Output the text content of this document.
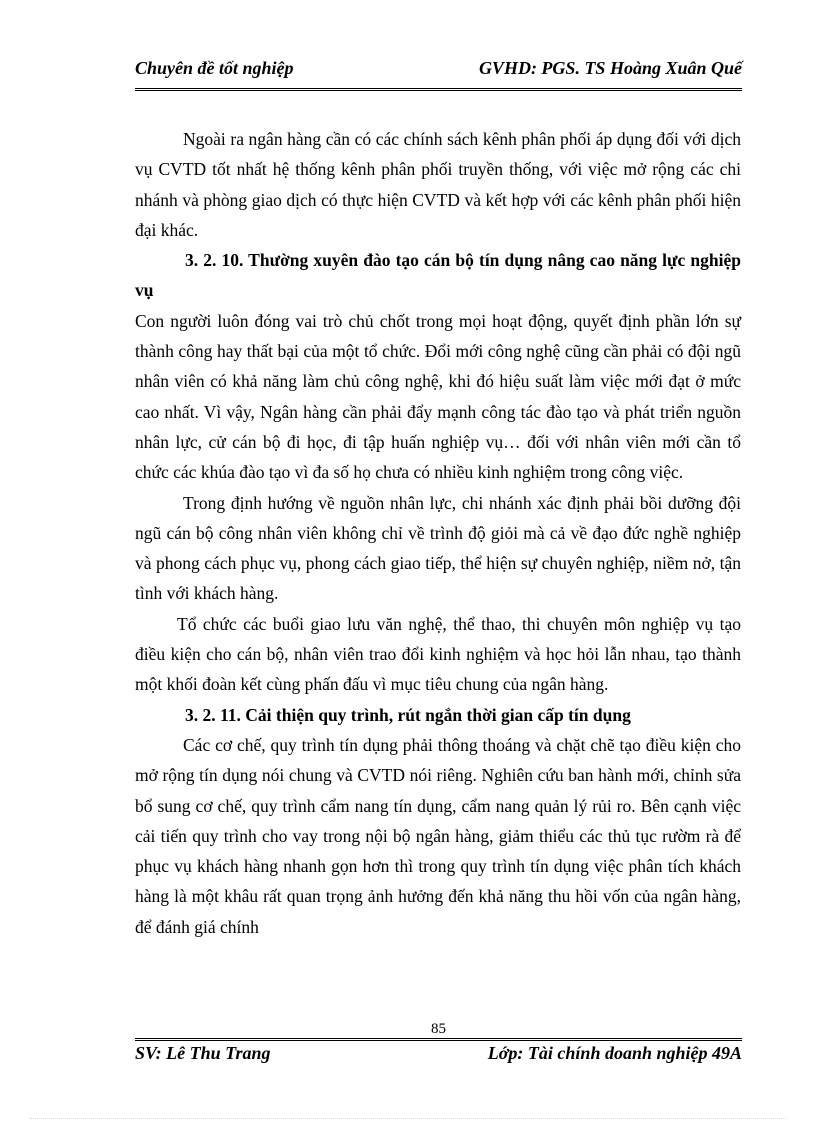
Chuyên đề tốt nghiệp	GVHD: PGS. TS Hoàng Xuân Quế

Ngoài ra ngân hàng cần có các chính sách kênh phân phối áp dụng đối với dịch vụ CVTD tốt nhất hệ thống kênh phân phối truyền thống, với việc mở rộng các chi nhánh và phòng giao dịch có thực hiện CVTD và kết hợp với các kênh phân phối hiện đại khác.

3. 2. 10. Thường xuyên đào tạo cán bộ tín dụng nâng cao năng lực nghiệp vụ

Con người luôn đóng vai trò chủ chốt trong mọi hoạt động, quyết định phần lớn sự thành công hay thất bại của một tổ chức. Đổi mới công nghệ cũng cần phải có đội ngũ nhân viên có khả năng làm chủ công nghệ, khi đó hiệu suất làm việc mới đạt ở mức cao nhất. Vì vậy, Ngân hàng cần phải đẩy mạnh công tác đào tạo và phát triển nguồn nhân lực, cử cán bộ đi học, đi tập huấn nghiệp vụ… đối với nhân viên mới cần tổ chức các khúa đào tạo vì đa số họ chưa có nhiều kinh nghiệm trong công việc.

Trong định hướng về nguồn nhân lực, chi nhánh xác định phải bồi dưỡng đội ngũ cán bộ công nhân viên không chỉ về trình độ giỏi mà cả về đạo đức nghề nghiệp và phong cách phục vụ, phong cách giao tiếp, thể hiện sự chuyên nghiệp, niềm nở, tận tình với khách hàng.

Tổ chức các buổi giao lưu văn nghệ, thể thao, thi chuyên môn nghiệp vụ tạo điều kiện cho cán bộ, nhân viên trao đổi kinh nghiệm và học hỏi lẫn nhau, tạo thành một khối đoàn kết cùng phấn đấu vì mục tiêu chung của ngân hàng.

3. 2. 11. Cải thiện quy trình, rút ngắn thời gian cấp tín dụng

Các cơ chế, quy trình tín dụng phải thông thoáng và chặt chẽ tạo điều kiện cho mở rộng tín dụng nói chung và CVTD nói riêng. Nghiên cứu ban hành mới, chỉnh sửa bổ sung cơ chế, quy trình cẩm nang tín dụng, cẩm nang quản lý rủi ro. Bên cạnh việc cải tiến quy trình cho vay trong nội bộ ngân hàng, giảm thiểu các thủ tục rườm rà để phục vụ khách hàng nhanh gọn hơn thì trong quy trình tín dụng việc phân tích khách hàng là một khâu rất quan trọng ảnh hưởng đến khả năng thu hồi vốn của ngân hàng, để đánh giá chính

85
SV: Lê Thu Trang	Lớp: Tài chính doanh nghiệp 49A
